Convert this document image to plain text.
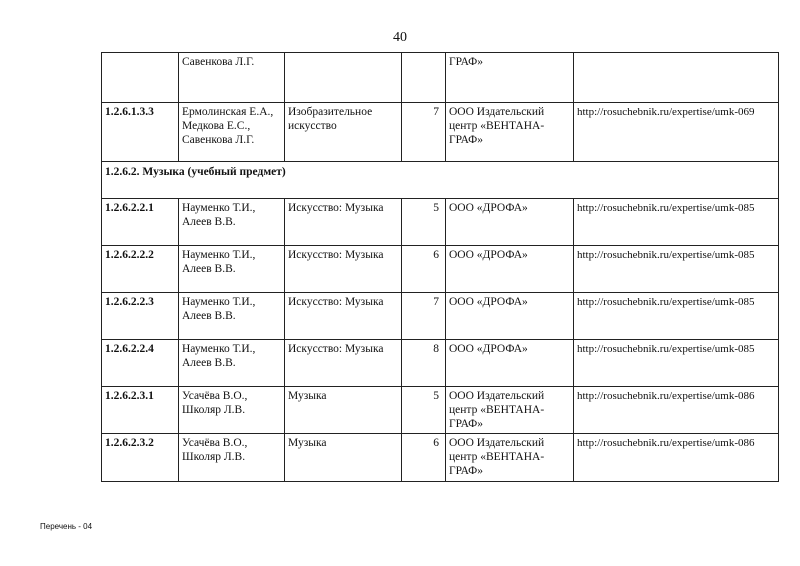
40
	Савенкова Л.Г.			ГРАФ»	
1.2.6.1.3.3	Ермолинская Е.А., Медкова Е.С., Савенкова Л.Г.	Изобразительное искусство	7	ООО Издательский центр «ВЕНТАНА-ГРАФ»	http://rosuchebnik.ru/expertise/umk-069
1.2.6.2. Музыка (учебный предмет)					
1.2.6.2.2.1	Науменко Т.И., Алеев В.В.	Искусство: Музыка	5	ООО «ДРОФА»	http://rosuchebnik.ru/expertise/umk-085
1.2.6.2.2.2	Науменко Т.И., Алеев В.В.	Искусство: Музыка	6	ООО «ДРОФА»	http://rosuchebnik.ru/expertise/umk-085
1.2.6.2.2.3	Науменко Т.И., Алеев В.В.	Искусство: Музыка	7	ООО «ДРОФА»	http://rosuchebnik.ru/expertise/umk-085
1.2.6.2.2.4	Науменко Т.И., Алеев В.В.	Искусство: Музыка	8	ООО «ДРОФА»	http://rosuchebnik.ru/expertise/umk-085
1.2.6.2.3.1	Усачёва В.О., Школяр Л.В.	Музыка	5	ООО Издательский центр «ВЕНТАНА-ГРАФ»	http://rosuchebnik.ru/expertise/umk-086
1.2.6.2.3.2	Усачёва В.О., Школяр Л.В.	Музыка	6	ООО Издательский центр «ВЕНТАНА-ГРАФ»	http://rosuchebnik.ru/expertise/umk-086
Перечень - 04
